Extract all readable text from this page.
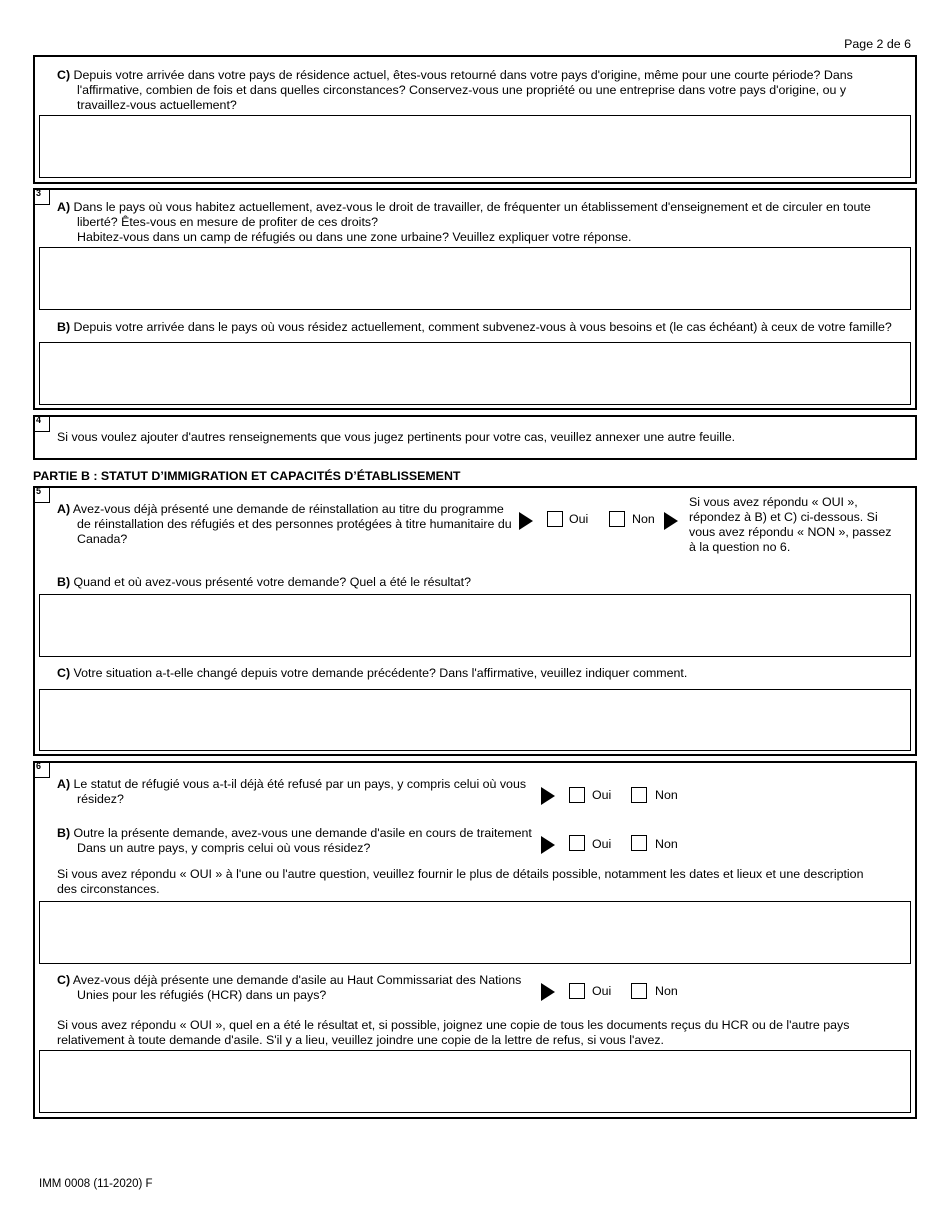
Page 2 de 6
C) Depuis votre arrivée dans votre pays de résidence actuel, êtes-vous retourné dans votre pays d'origine, même pour une courte période? Dans
l'affirmative, combien de fois et dans quelles circonstances? Conservez-vous une propriété ou une entreprise dans votre pays d'origine, ou y
travaillez-vous actuellement?
3
A) Dans le pays où vous habitez actuellement, avez-vous le droit de travailler, de fréquenter un établissement d'enseignement et de circuler en toute
liberté? Êtes-vous en mesure de profiter de ces droits?
Habitez-vous dans un camp de réfugiés ou dans une zone urbaine? Veuillez expliquer votre réponse.
B) Depuis votre arrivée dans le pays où vous résidez actuellement, comment subvenez-vous à vous besoins et (le cas échéant) à ceux de votre famille?
4
Si vous voulez ajouter d'autres renseignements que vous jugez pertinents pour votre cas, veuillez annexer une autre feuille.
PARTIE B : STATUT D’IMMIGRATION ET CAPACITÉS D’ÉTABLISSEMENT
5
A) Avez-vous déjà présenté une demande de réinstallation au titre du programme
de réinstallation des réfugiés et des personnes protégées à titre humanitaire du
Canada?
Oui	Non
Si vous avez répondu « OUI »,
répondez à B) et C) ci-dessous. Si
vous avez répondu « NON », passez
à la question no 6.
B) Quand et où avez-vous présenté votre demande? Quel a été le résultat?
C) Votre situation a-t-elle changé depuis votre demande précédente? Dans l'affirmative, veuillez indiquer comment.
6
A) Le statut de réfugié vous a-t-il déjà été refusé par un pays, y compris celui où vous
résidez?	Oui	Non
B) Outre la présente demande, avez-vous une demande d'asile en cours de traitement
Dans un autre pays, y compris celui où vous résidez?	Oui	Non
Si vous avez répondu « OUI » à l'une ou l'autre question, veuillez fournir le plus de détails possible, notamment les dates et lieux et une description
des circonstances.
C) Avez-vous déjà présente une demande d'asile au Haut Commissariat des Nations
Unies pour les réfugiés (HCR) dans un pays?	Oui	Non
Si vous avez répondu « OUI », quel en a été le résultat et, si possible, joignez une copie de tous les documents reçus du HCR ou de l'autre pays
relativement à toute demande d'asile. S'il y a lieu, veuillez joindre une copie de la lettre de refus, si vous l'avez.
IMM 0008 (11-2020) F
